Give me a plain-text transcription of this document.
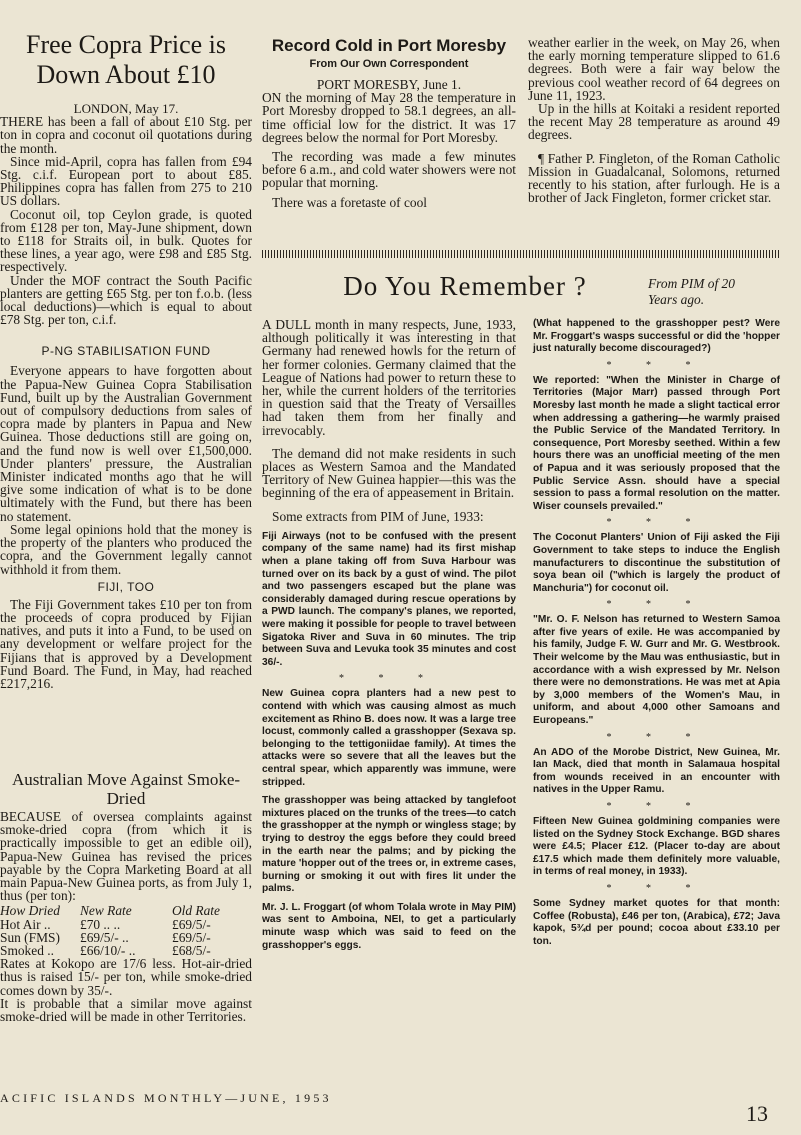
Free Copra Price is Down About £10

LONDON, May 17.

THERE has been a fall of about £10 Stg. per ton in copra and coconut oil quotations during the month.

Since mid-April, copra has fallen from £94 Stg. c.i.f. European port to about £85. Philippines copra has fallen from 275 to 210 US dollars.

Coconut oil, top Ceylon grade, is quoted from £128 per ton, May-June shipment, down to £118 for Straits oil, in bulk. Quotes for these lines, a year ago, were £98 and £85 Stg. respectively.

Under the MOF contract the South Pacific planters are getting £65 Stg. per ton f.o.b. (less local deductions)—which is equal to about £78 Stg. per ton, c.i.f.

P-NG STABILISATION FUND

Everyone appears to have forgotten about the Papua-New Guinea Copra Stabilisation Fund, built up by the Australian Government out of compulsory deductions from sales of copra made by planters in Papua and New Guinea. Those deductions still are going on, and the fund now is well over £1,500,000. Under planters' pressure, the Australian Minister indicated months ago that he will give some indication of what is to be done ultimately with the Fund, but there has been no statement.

Some legal opinions hold that the money is the property of the planters who produced the copra, and the Government legally cannot withhold it from them.

FIJI, TOO

The Fiji Government takes £10 per ton from the proceeds of copra produced by Fijian natives, and puts it into a Fund, to be used on any development or welfare project for the Fijians that is approved by a Development Fund Board. The Fund, in May, had reached £217,216.

Australian Move Against Smoke-Dried

BECAUSE of oversea complaints against smoke-dried copra (from which it is practically impossible to get an edible oil), Papua-New Guinea has revised the prices payable by the Copra Marketing Board at all main Papua-New Guinea ports, as from July 1, thus (per ton):

How Dried	New Rate	Old Rate
Hot Air ..	£70 .. ..	£69/5/-
Sun (FMS)	£69/5/- ..	£69/5/-
Smoked ..	£66/10/- ..	£68/5/-

Rates at Kokopo are 17/6 less. Hot-air-dried thus is raised 15/- per ton, while smoke-dried comes down by 35/-.

It is probable that a similar move against smoke-dried will be made in other Territories.

Record Cold in Port Moresby
From Our Own Correspondent

PORT MORESBY, June 1.

ON the morning of May 28 the temperature in Port Moresby dropped to 58.1 degrees, an all-time official low for the district. It was 17 degrees below the normal for Port Moresby.

The recording was made a few minutes before 6 a.m., and cold water showers were not popular that morning.

There was a foretaste of cool

weather earlier in the week, on May 26, when the early morning temperature slipped to 61.6 degrees. Both were a fair way below the previous cool weather record of 64 degrees on June 11, 1923.

Up in the hills at Koitaki a resident reported the recent May 28 temperature as around 49 degrees.

¶ Father P. Fingleton, of the Roman Catholic Mission in Guadalcanal, Solomons, returned recently to his station, after furlough. He is a brother of Jack Fingleton, former cricket star.

Do You Remember ?	From PIM of 20 Years ago.

A DULL month in many respects, June, 1933, although politically it was interesting in that Germany had renewed howls for the return of her former colonies. Germany claimed that the League of Nations had power to return these to her, while the current holders of the territories in question said that the Treaty of Versailles had taken them from her finally and irrevocably.

The demand did not make residents in such places as Western Samoa and the Mandated Territory of New Guinea happier—this was the beginning of the era of appeasement in Britain.

Some extracts from PIM of June, 1933:

Fiji Airways (not to be confused with the present company of the same name) had its first mishap when a plane taking off from Suva Harbour was turned over on its back by a gust of wind. The pilot and two passengers escaped but the plane was considerably damaged during rescue operations by a PWD launch. The company's planes, we reported, were making it possible for people to travel between Sigatoka River and Suva in 60 minutes. The trip between Suva and Levuka took 35 minutes and cost 36/-.

* * *

New Guinea copra planters had a new pest to contend with which was causing almost as much excitement as Rhino B. does now. It was a large tree locust, commonly called a grasshopper (Sexava sp. belonging to the tettigoniidae family). At times the attacks were so severe that all the leaves but the central spear, which apparently was immune, were stripped.

The grasshopper was being attacked by tanglefoot mixtures placed on the trunks of the trees—to catch the grasshopper at the nymph or wingless stage; by trying to destroy the eggs before they could breed in the earth near the palms; and by picking the mature 'hopper out of the trees or, in extreme cases, burning or smoking it out with fires lit under the palms.

Mr. J. L. Froggart (of whom Tolala wrote in May PIM) was sent to Amboina, NEI, to get a particularly minute wasp which was said to feed on the grasshopper's eggs.

(What happened to the grasshopper pest? Were Mr. Froggart's wasps successful or did the 'hopper just naturally become discouraged?)

* * *

We reported: "When the Minister in Charge of Territories (Major Marr) passed through Port Moresby last month he made a slight tactical error when addressing a gathering—he warmly praised the Public Service of the Mandated Territory. In consequence, Port Moresby seethed. Within a few hours there was an unofficial meeting of the men of Papua and it was seriously proposed that the Public Service Assn. should have a special session to pass a formal resolution on the matter. Wiser counsels prevailed."

* * *

The Coconut Planters' Union of Fiji asked the Fiji Government to take steps to induce the English manufacturers to discontinue the substitution of soya bean oil ("which is largely the product of Manchuria") for coconut oil.

* * *

"Mr. O. F. Nelson has returned to Western Samoa after five years of exile. He was accompanied by his family, Judge F. W. Gurr and Mr. G. Westbrook. Their welcome by the Mau was enthusiastic, but in accordance with a wish expressed by Mr. Nelson there were no demonstrations. He was met at Apia by 3,000 members of the Women's Mau, in uniform, and about 4,000 other Samoans and Europeans."

* * *

An ADO of the Morobe District, New Guinea, Mr. Ian Mack, died that month in Salamaua hospital from wounds received in an encounter with natives in the Upper Ramu.

* * *

Fifteen New Guinea goldmining companies were listed on the Sydney Stock Exchange. BGD shares were £4.5; Placer £12. (Placer to-day are about £17.5 which made them definitely more valuable, in terms of real money, in 1933).

* * *

Some Sydney market quotes for that month: Coffee (Robusta), £46 per ton, (Arabica), £72; Java kapok, 5¾d per pound; cocoa about £33.10 per ton.

ACIFIC ISLANDS MONTHLY—JUNE, 1953
13
